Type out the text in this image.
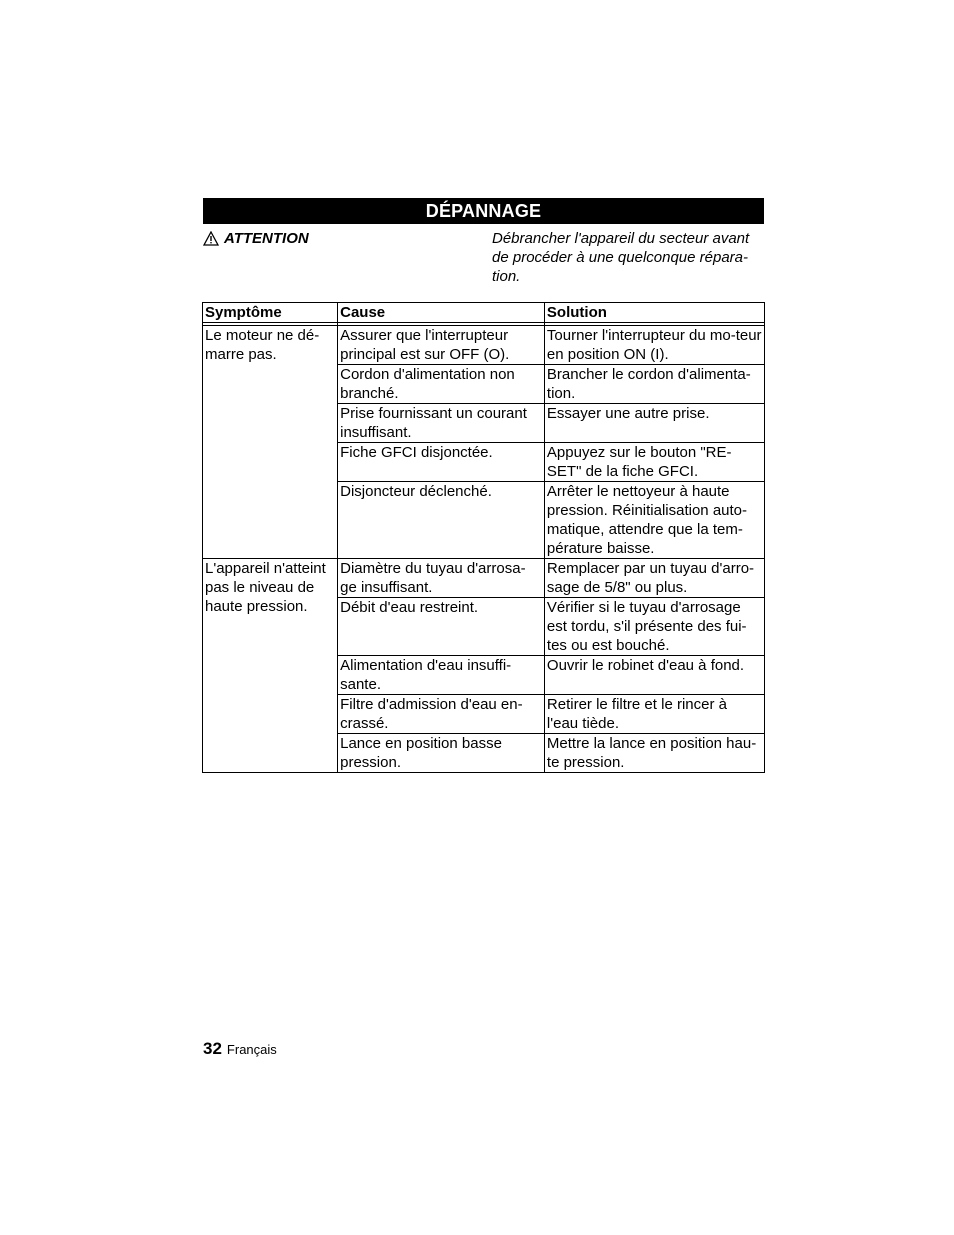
DÉPANNAGE
ATTENTION	Débrancher l'appareil du secteur avant de procéder à une quelconque répara-tion.
Symptôme	Cause	Solution

Le moteur ne dé-marre pas.	Assurer que l'interrupteur principal est sur OFF (O).	Tourner l'interrupteur du mo-teur en position ON (I).
	Cordon d'alimentation non branché.	Brancher le cordon d'alimenta-tion.
	Prise fournissant un courant insuffisant.	Essayer une autre prise.
	Fiche GFCI disjonctée.	Appuyez sur le bouton "RE-SET" de la fiche GFCI.
	Disjoncteur déclenché.	Arrêter le nettoyeur à haute pression. Réinitialisation auto-matique, attendre que la tem-pérature baisse.
L'appareil n'atteint pas le niveau de haute pression.	Diamètre du tuyau d'arrosa-ge insuffisant.	Remplacer par un tuyau d'arro-sage de 5/8" ou plus.
	Débit d'eau restreint.	Vérifier si le tuyau d'arrosage est tordu, s'il présente des fui-tes ou est bouché.
	Alimentation d'eau insuffi-sante.	Ouvrir le robinet d'eau à fond.
	Filtre d'admission d'eau en-crassé.	Retirer le filtre et le rincer à l'eau tiède.
	Lance en position basse pression.	Mettre la lance en position hau-te pression.
32 Français
